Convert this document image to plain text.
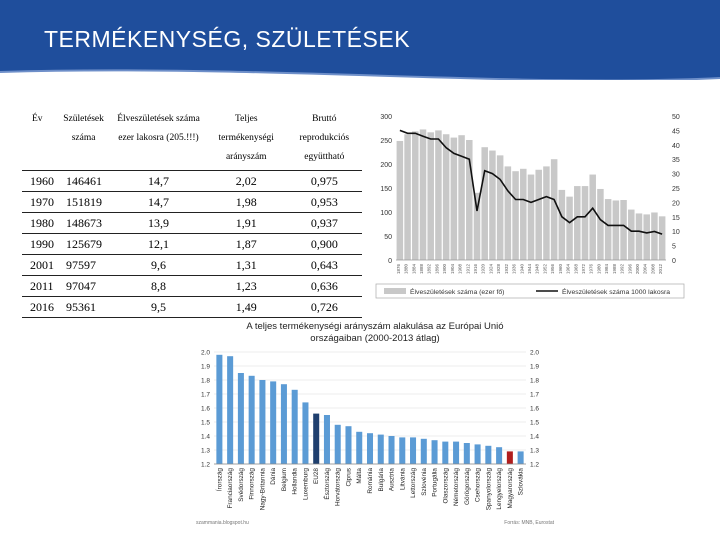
TERMÉKENYSÉG, SZÜLETÉSEK
Év	Születések száma	Élveszületések száma ezer lakosra (205.!!!)	Teljes termékenységi arányszám	Bruttó reprodukciós együttható
1960	146461	14,7	2,02	0,975
1970	151819	14,7	1,98	0,953
1980	148673	13,9	1,91	0,937
1990	125679	12,1	1,87	0,900
2001	97597	9,6	1,31	0,643
2011	97047	8,8	1,23	0,636
2016	95361	9,5	1,49	0,726
0
50
100
150
200
250
300
0
5
10
15
20
25
30
35
40
45
50
1876 1880 1884 1888 1892 1896 1900 1904 1908 1912 1916 1920 1924 1928 1932 1936 1940 1944 1948 1952 1956 1960 1964 1968 1972 1976 1980 1984 1988 1992 1996 2000 2004 2008 2012
Élveszületések száma (ezer fő)	Élveszületések száma 1000 lakosra
A teljes termékenységi arányszám alakulása az Európai Unió
országaiban (2000-2013 átlag)
1.2	1.2
1.3	1.3
1.4	1.4
1.5	1.5
1.6	1.6
1.7	1.7
1.8	1.8
1.9	1.9
2.0	2.0
Írország Franciaország Svédország Finnország Nagy-Britannia Dánia Belgium Hollandia Luxemburg EU28 Észtország Horvátország Ciprus Málta Románia Bulgária Ausztria Litvánia Lettország Szlovénia Portugália Olaszország Németország Görögország Csehország Spanyolország Lengyelország Magyarország Szlovákia
szammania.blogspot.hu	Forrás: MNB, Eurostat
